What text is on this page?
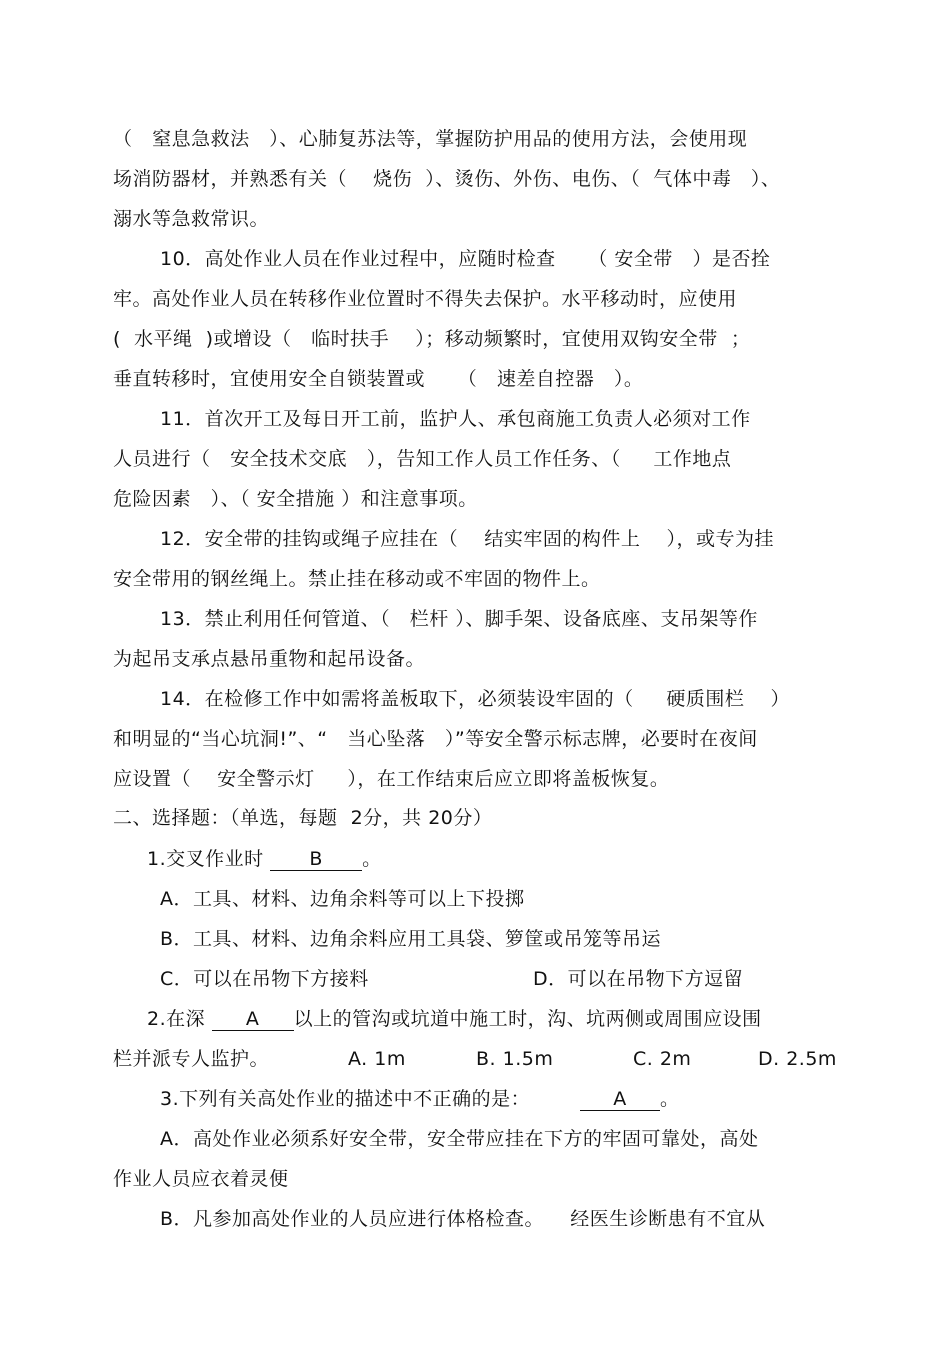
（   窒息急救法   ）、心肺复苏法等，掌握防护用品的使用方法，会使用现
场消防器材，并熟悉有关（    烧伤  ）、烫伤、外伤、电伤、（  气体中毒   ）、
溺水等急救常识。
10．高处作业人员在作业过程中，应随时检查     （ 安全带   ）是否拴
牢。高处作业人员在转移作业位置时不得失去保护。水平移动时，应使用
(  水平绳  )或增设（   临时扶手    ）；移动频繁时，宜使用双钩安全带  ；
垂直转移时，宜使用安全自锁装置或     （   速差自控器   ）。
11．首次开工及每日开工前，监护人、承包商施工负责人必须对工作
人员进行（   安全技术交底   ），告知工作人员工作任务、（     工作地点
危险因素   ）、（ 安全措施 ）和注意事项。
12．安全带的挂钩或绳子应挂在（    结实牢固的构件上    ），或专为挂
安全带用的钢丝绳上。禁止挂在移动或不牢固的物件上。
13．禁止利用任何管道、（   栏杆 ）、脚手架、设备底座、支吊架等作
为起吊支承点悬吊重物和起吊设备。
14．在检修工作中如需将盖板取下，必须装设牢固的（     硬质围栏    ）
和明显的“当心坑洞!”、“   当心坠落   ）”等安全警示标志牌，必要时在夜间
应设置（    安全警示灯     ），在工作结束后应立即将盖板恢复。
二、选择题：（单选，每题  2分，共 20分）
1.交叉作业时 B 。
A．工具、材料、边角余料等可以上下投掷
B．工具、材料、边角余料应用工具袋、箩筐或吊笼等吊运
C．可以在吊物下方接料	D．可以在吊物下方逗留
2.在深 A 以上的管沟或坑道中施工时，沟、坑两侧或周围应设围
栏并派专人监护。	A. 1m	B. 1.5m	C. 2m	D. 2.5m
3.下列有关高处作业的描述中不正确的是：	A 。
A．高处作业必须系好安全带，安全带应挂在下方的牢固可靠处，高处
作业人员应衣着灵便
B．凡参加高处作业的人员应进行体格检查。    经医生诊断患有不宜从
